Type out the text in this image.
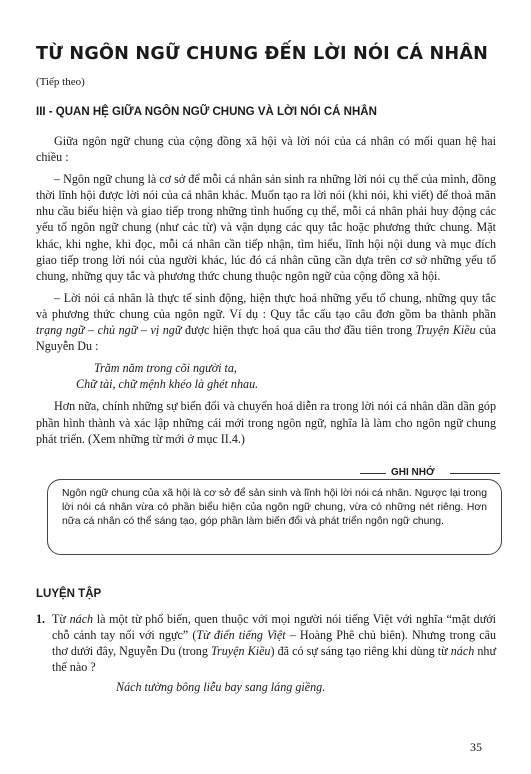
TỪ NGÔN NGỮ CHUNG ĐẾN LỜI NÓI CÁ NHÂN

(Tiếp theo)

III - QUAN HỆ GIỮA NGÔN NGỮ CHUNG VÀ LỜI NÓI CÁ NHÂN

Giữa ngôn ngữ chung của cộng đồng xã hội và lời nói của cá nhân có mối quan hệ hai chiều :

– Ngôn ngữ chung là cơ sở để mỗi cá nhân sản sinh ra những lời nói cụ thể của mình, đồng thời lĩnh hội được lời nói của cá nhân khác. Muốn tạo ra lời nói (khi nói, khi viết) để thoả mãn nhu cầu biểu hiện và giao tiếp trong những tình huống cụ thể, mỗi cá nhân phải huy động các yếu tố ngôn ngữ chung (như các từ) và vận dụng các quy tắc hoặc phương thức chung. Mặt khác, khi nghe, khi đọc, mỗi cá nhân cần tiếp nhận, tìm hiểu, lĩnh hội nội dung và mục đích giao tiếp trong lời nói của người khác, lúc đó cá nhân cũng cần dựa trên cơ sở những yếu tố chung, những quy tắc và phương thức chung thuộc ngôn ngữ của cộng đồng xã hội.

– Lời nói cá nhân là thực tế sinh động, hiện thực hoá những yếu tố chung, những quy tắc và phương thức chung của ngôn ngữ. Ví dụ : Quy tắc cấu tạo câu đơn gồm ba thành phần trạng ngữ – chủ ngữ – vị ngữ được hiện thực hoá qua câu thơ đầu tiên trong Truyện Kiều của Nguyễn Du :

Trăm năm trong cõi người ta,

Chữ tài, chữ mệnh khéo là ghét nhau.

Hơn nữa, chính những sự biến đổi và chuyển hoá diễn ra trong lời nói cá nhân dần dần góp phần hình thành và xác lập những cái mới trong ngôn ngữ, nghĩa là làm cho ngôn ngữ chung phát triển. (Xem những từ mới ở mục II.4.)

GHI NHỚ
Ngôn ngữ chung của xã hội là cơ sở để sản sinh và lĩnh hội lời nói cá nhân. Ngược lại trong lời nói cá nhân vừa có phần biểu hiện của ngôn ngữ chung, vừa có những nét riêng. Hơn nữa cá nhân có thể sáng tạo, góp phần làm biến đổi và phát triển ngôn ngữ chung.
LUYỆN TẬP
1. Từ nách là một từ phổ biến, quen thuộc với mọi người nói tiếng Việt với nghĩa “mặt dưới chỗ cánh tay nối với ngực” (Từ điển tiếng Việt – Hoàng Phê chủ biên). Nhưng trong câu thơ dưới đây, Nguyễn Du (trong Truyện Kiều) đã có sự sáng tạo riêng khi dùng từ nách như thế nào ?
Nách tường bông liễu bay sang láng giềng.
35
